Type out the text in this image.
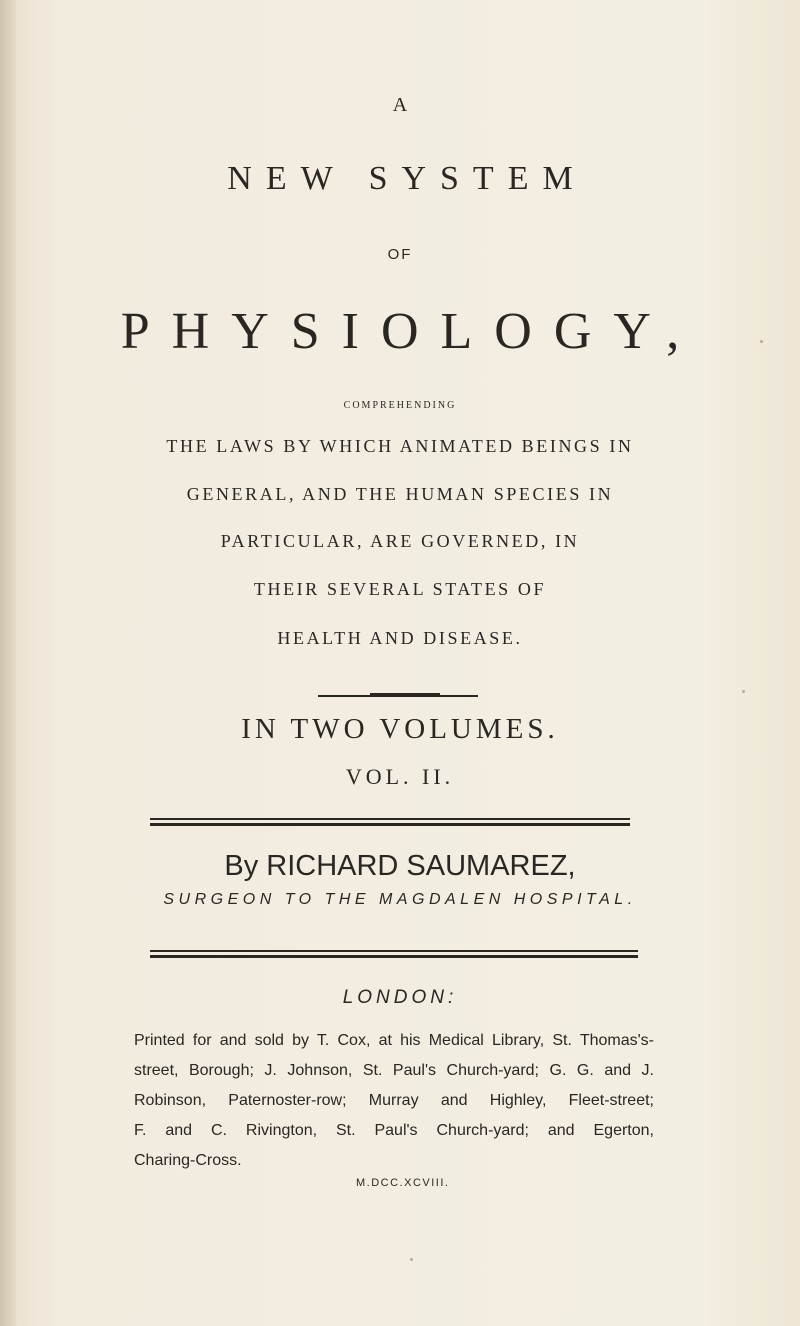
A
NEW SYSTEM
OF
PHYSIOLOGY,
COMPREHENDING
THE LAWS BY WHICH ANIMATED BEINGS IN
GENERAL, AND THE HUMAN SPECIES IN
PARTICULAR, ARE GOVERNED, IN
THEIR SEVERAL STATES OF
HEALTH AND DISEASE.
IN TWO VOLUMES.
VOL. II.
By RICHARD SAUMAREZ,
SURGEON TO THE MAGDALEN HOSPITAL.
LONDON:
Printed for and sold by T. Cox, at his Medical Library, St. Thomas's-
street, Borough; J. Johnson, St. Paul's Church-yard; G. G. and J.
Robinson, Paternoster-row; Murray and Highley, Fleet-street;
F. and C. Rivington, St. Paul's Church-yard; and Egerton,
Charing-Cross.
M.DCC.XCVIII.
